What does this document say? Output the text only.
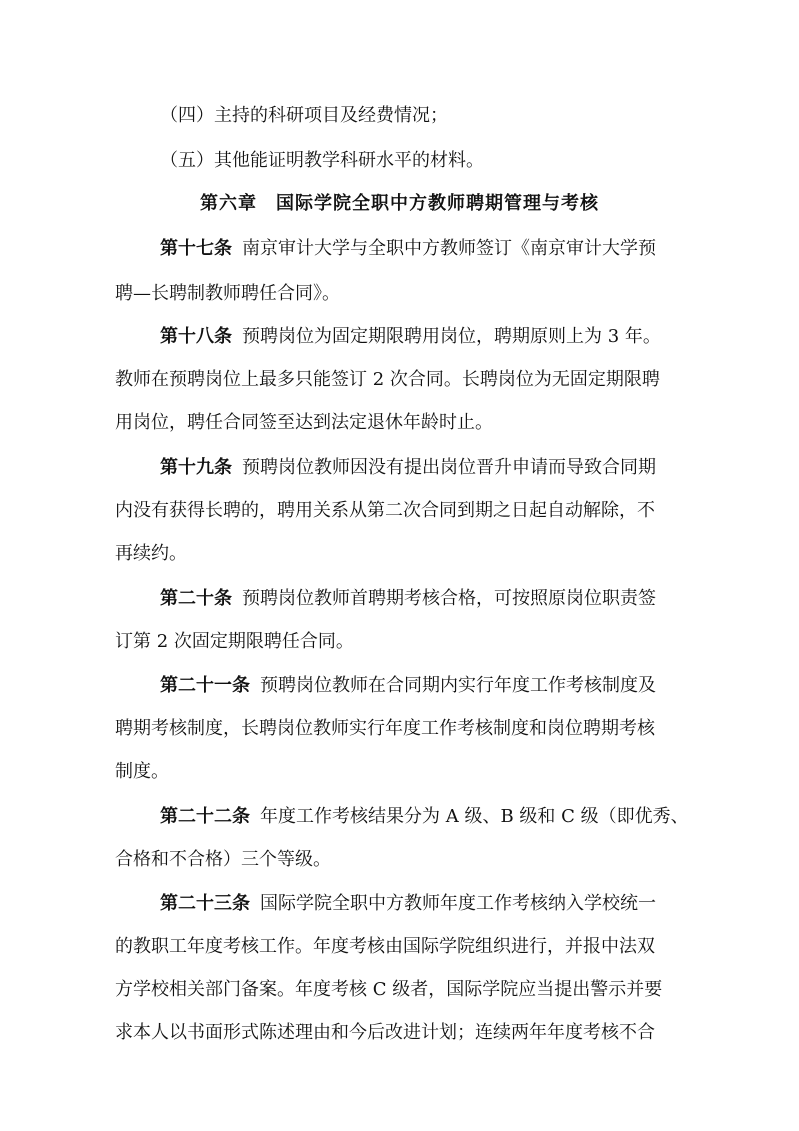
（四）主持的科研项目及经费情况；
（五）其他能证明教学科研水平的材料。
第六章　国际学院全职中方教师聘期管理与考核
第十七条 南京审计大学与全职中方教师签订《南京审计大学预
聘—长聘制教师聘任合同》。
第十八条 预聘岗位为固定期限聘用岗位，聘期原则上为 3 年。
教师在预聘岗位上最多只能签订 2 次合同。长聘岗位为无固定期限聘
用岗位，聘任合同签至达到法定退休年龄时止。
第十九条 预聘岗位教师因没有提出岗位晋升申请而导致合同期
内没有获得长聘的，聘用关系从第二次合同到期之日起自动解除，不
再续约。
第二十条 预聘岗位教师首聘期考核合格，可按照原岗位职责签
订第 2 次固定期限聘任合同。
第二十一条 预聘岗位教师在合同期内实行年度工作考核制度及
聘期考核制度，长聘岗位教师实行年度工作考核制度和岗位聘期考核
制度。
第二十二条 年度工作考核结果分为 A 级、B 级和 C 级（即优秀、
合格和不合格）三个等级。
第二十三条 国际学院全职中方教师年度工作考核纳入学校统一
的教职工年度考核工作。年度考核由国际学院组织进行，并报中法双
方学校相关部门备案。年度考核 C 级者，国际学院应当提出警示并要
求本人以书面形式陈述理由和今后改进计划；连续两年年度考核不合
